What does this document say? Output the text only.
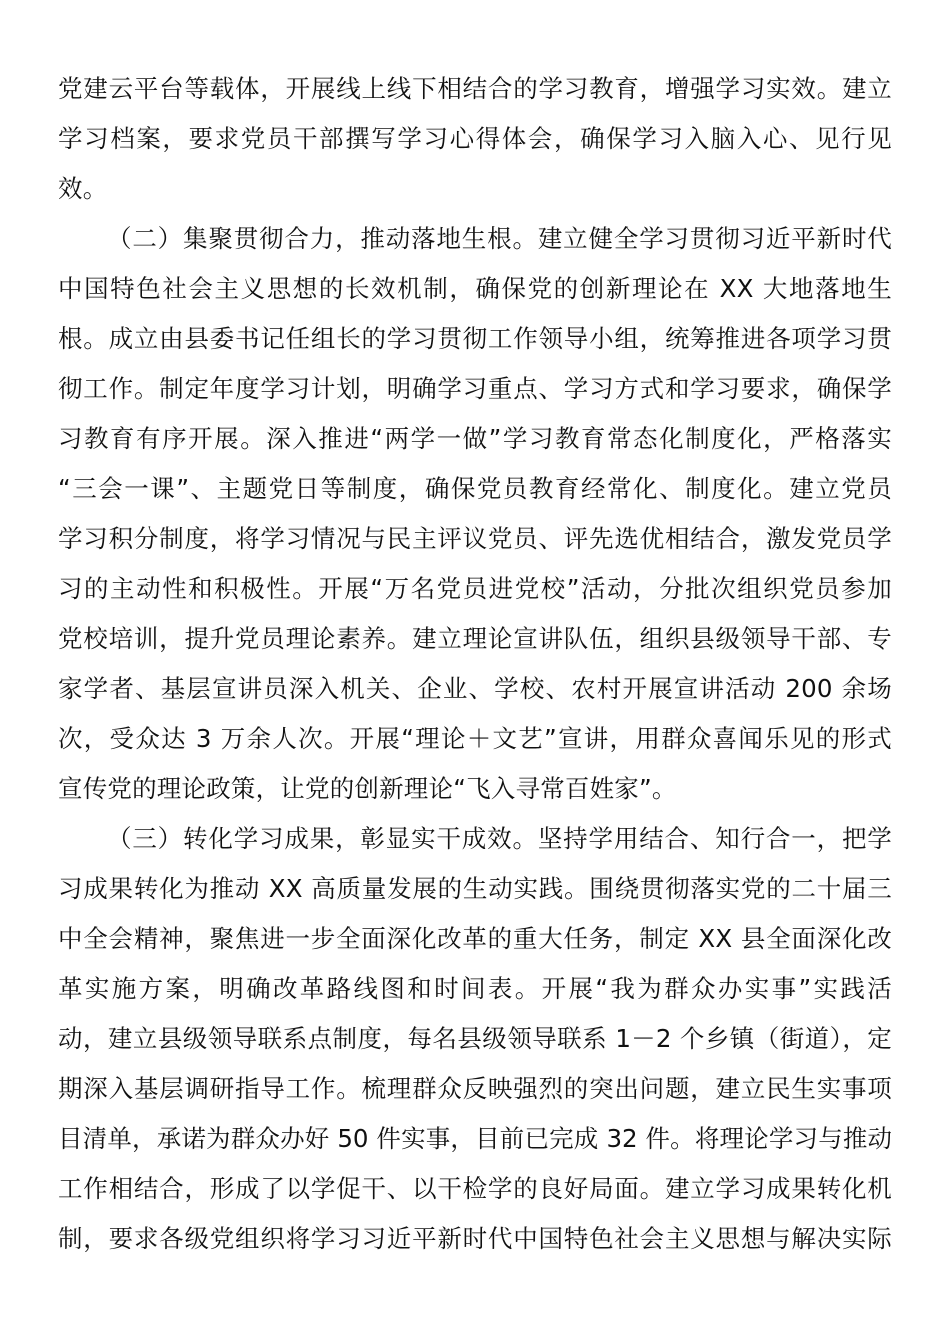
党建云平台等载体，开展线上线下相结合的学习教育，增强学习实效。建立
学习档案，要求党员干部撰写学习心得体会，确保学习入脑入心、见行见
效。
（二）集聚贯彻合力，推动落地生根。建立健全学习贯彻习近平新时代
中国特色社会主义思想的长效机制，确保党的创新理论在 XX 大地落地生
根。成立由县委书记任组长的学习贯彻工作领导小组，统筹推进各项学习贯
彻工作。制定年度学习计划，明确学习重点、学习方式和学习要求，确保学
习教育有序开展。深入推进“两学一做”学习教育常态化制度化，严格落实
“三会一课”、主题党日等制度，确保党员教育经常化、制度化。建立党员
学习积分制度，将学习情况与民主评议党员、评先选优相结合，激发党员学
习的主动性和积极性。开展“万名党员进党校”活动，分批次组织党员参加
党校培训，提升党员理论素养。建立理论宣讲队伍，组织县级领导干部、专
家学者、基层宣讲员深入机关、企业、学校、农村开展宣讲活动 200 余场
次，受众达 3 万余人次。开展“理论＋文艺”宣讲，用群众喜闻乐见的形式
宣传党的理论政策，让党的创新理论“飞入寻常百姓家”。
（三）转化学习成果，彰显实干成效。坚持学用结合、知行合一，把学
习成果转化为推动 XX 高质量发展的生动实践。围绕贯彻落实党的二十届三
中全会精神，聚焦进一步全面深化改革的重大任务，制定 XX 县全面深化改
革实施方案，明确改革路线图和时间表。开展“我为群众办实事”实践活
动，建立县级领导联系点制度，每名县级领导联系 1－2 个乡镇（街道），定
期深入基层调研指导工作。梳理群众反映强烈的突出问题，建立民生实事项
目清单，承诺为群众办好 50 件实事，目前已完成 32 件。将理论学习与推动
工作相结合，形成了以学促干、以干检学的良好局面。建立学习成果转化机
制，要求各级党组织将学习习近平新时代中国特色社会主义思想与解决实际
